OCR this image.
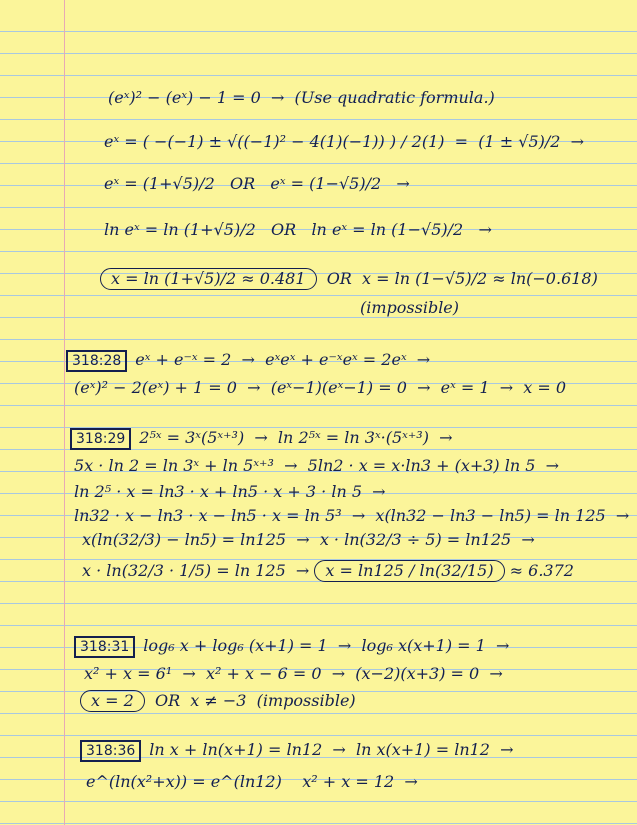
(eˣ)² − (eˣ) − 1 = 0  →  (Use quadratic formula.)
eˣ = ( −(−1) ± √((−1)² − 4(1)(−1)) ) / 2(1)  =  (1 ± √5)/2  →
eˣ = (1+√5)/2   OR   eˣ = (1−√5)/2   →
ln eˣ = ln (1+√5)/2   OR   ln eˣ = ln (1−√5)/2   →
x = ln (1+√5)/2 ≈ 0.481  OR  x = ln (1−√5)/2 ≈ ln(−0.618)
(impossible)
318:28 eˣ + e⁻ˣ = 2  →  eˣeˣ + e⁻ˣeˣ = 2eˣ  →
(eˣ)² − 2(eˣ) + 1 = 0  →  (eˣ−1)(eˣ−1) = 0  →  eˣ = 1  →  x = 0
318:29 2⁵ˣ = 3ˣ(5ˣ⁺³)  →  ln 2⁵ˣ = ln 3ˣ·(5ˣ⁺³)  →
5x · ln 2 = ln 3ˣ + ln 5ˣ⁺³  →  5ln2 · x = x·ln3 + (x+3) ln 5  →
ln 2⁵ · x = ln3 · x + ln5 · x + 3 · ln 5  →
ln32 · x − ln3 · x − ln5 · x = ln 5³  →  x(ln32 − ln3 − ln5) = ln 125  →
x(ln(32/3) − ln5) = ln125  →  x · ln(32/3 ÷ 5) = ln125  →
x · ln(32/3 · 1/5) = ln 125  → x = ln125 / ln(32/15) ≈ 6.372
318:31 log₆ x + log₆ (x+1) = 1  →  log₆ x(x+1) = 1  →
x² + x = 6¹  →  x² + x − 6 = 0  →  (x−2)(x+3) = 0  →
x = 2  OR  x ≠ −3  (impossible)
318:36 ln x + ln(x+1) = ln12  →  ln x(x+1) = ln12  →
e^(ln(x²+x)) = e^(ln12)    x² + x = 12  →
